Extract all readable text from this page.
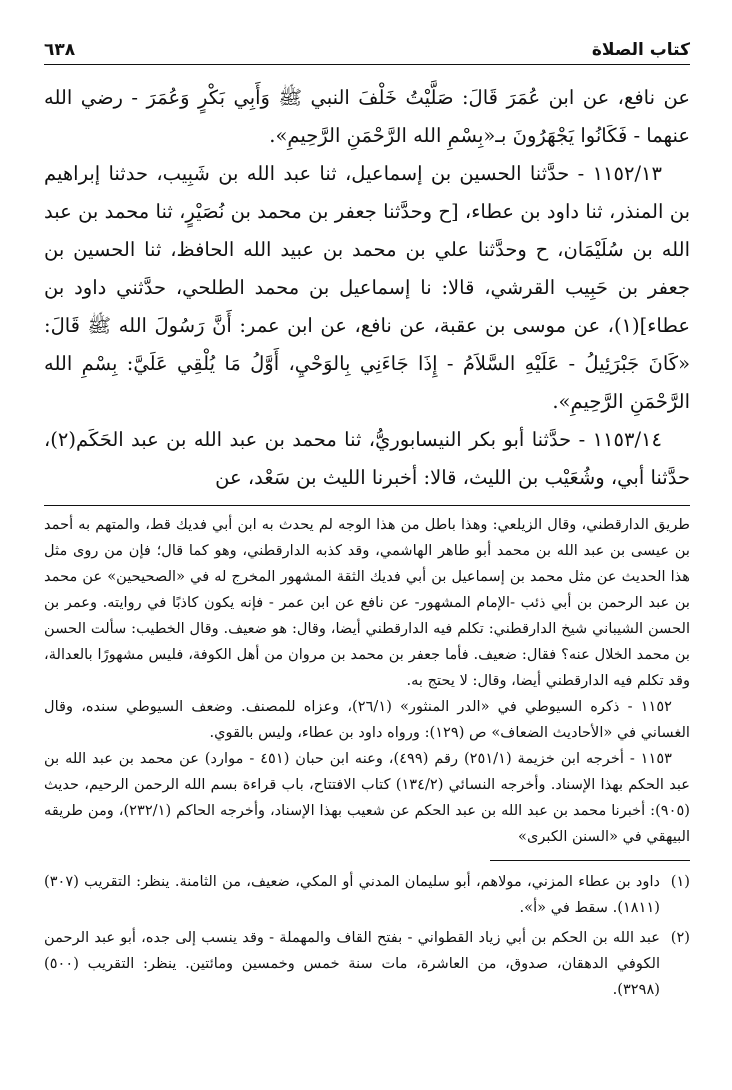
كتاب الصلاة
٦٣٨

عن نافع، عن ابن عُمَرَ قَالَ: صَلَّيْتُ خَلْفَ النبي ﷺ وَأَبِي بَكْرٍ وَعُمَرَ - رضي الله عنهما - فَكَانُوا يَجْهَرُونَ بـ«بِسْمِ الله الرَّحْمَنِ الرَّحِيمِ».

١١٥٢/١٣ - حدَّثنا الحسين بن إسماعيل، ثنا عبد الله بن شَبِيب، حدثنا إبراهيم بن المنذر، ثنا داود بن عطاء، [ح وحدَّثنا جعفر بن محمد بن نُصَيْرٍ، ثنا محمد بن عبد الله بن سُلَيْمَان، ح وحدَّثنا علي بن محمد بن عبيد الله الحافظ، ثنا الحسين بن جعفر بن حَبِيب القرشي، قالا: نا إسماعيل بن محمد الطلحي، حدَّثني داود بن عطاء](١)، عن موسى بن عقبة، عن نافع، عن ابن عمر: أَنَّ رَسُولَ الله ﷺ قَالَ: «كَانَ جَبْرَئِيلُ - عَلَيْهِ السَّلاَمُ - إِذَا جَاءَنِي بِالوَحْيِ، أَوَّلُ مَا يُلْقِي عَلَيَّ: بِسْمِ الله الرَّحْمَنِ الرَّحِيمِ».

١١٥٣/١٤ - حدَّثنا أبو بكر النيسابوريُّ، ثنا محمد بن عبد الله بن عبد الحَكَم(٢)، حدَّثنا أبي، وشُعَيْب بن الليث، قالا: أخبرنا الليث بن سَعْد، عن

طريق الدارقطني، وقال الزيلعي: وهذا باطل من هذا الوجه لم يحدث به ابن أبي فديك قط، والمتهم به أحمد بن عيسى بن عبد الله بن محمد أبو طاهر الهاشمي، وقد كذبه الدارقطني، وهو كما قال؛ فإن من روى مثل هذا الحديث عن مثل محمد بن إسماعيل بن أبي فديك الثقة المشهور المخرج له في «الصحيحين» عن محمد بن عبد الرحمن بن أبي ذئب -الإمام المشهور- عن نافع عن ابن عمر - فإنه يكون كاذبًا في روايته. وعمر بن الحسن الشيباني شيخ الدارقطني: تكلم فيه الدارقطني أيضا، وقال: هو ضعيف. وقال الخطيب: سألت الحسن بن محمد الخلال عنه؟ فقال: ضعيف. فأما جعفر بن محمد بن مروان من أهل الكوفة، فليس مشهورًا بالعدالة، وقد تكلم فيه الدارقطني أيضا، وقال: لا يحتج به.

١١٥٢ - ذكره السيوطي في «الدر المنثور» (٢٦/١)، وعزاه للمصنف. وضعف السيوطي سنده، وقال الغساني في «الأحاديث الضعاف» ص (١٢٩): ورواه داود بن عطاء، وليس بالقوي.

١١٥٣ - أخرجه ابن خزيمة (٢٥١/١) رقم (٤٩٩)، وعنه ابن حبان (٤٥١ - موارد) عن محمد بن عبد الله بن عبد الحكم بهذا الإسناد. وأخرجه النسائي (١٣٤/٢) كتاب الافتتاح، باب قراءة بسم الله الرحمن الرحيم، حديث (٩٠٥): أخبرنا محمد بن عبد الله بن عبد الحكم عن شعيب بهذا الإسناد، وأخرجه الحاكم (٢٣٢/١)، ومن طريقه البيهقي في «السنن الكبرى»

(١)
داود بن عطاء المزني، مولاهم، أبو سليمان المدني أو المكي، ضعيف، من الثامنة. ينظر: التقريب (٣٠٧) (١٨١١). سقط في «أ».
(٢)
عبد الله بن الحكم بن أبي زياد القطواني - بفتح القاف والمهملة - وقد ينسب إلى جده، أبو عبد الرحمن الكوفي الدهقان، صدوق، من العاشرة، مات سنة خمس وخمسين ومائتين. ينظر: التقريب (٥٠٠) (٣٢٩٨).
